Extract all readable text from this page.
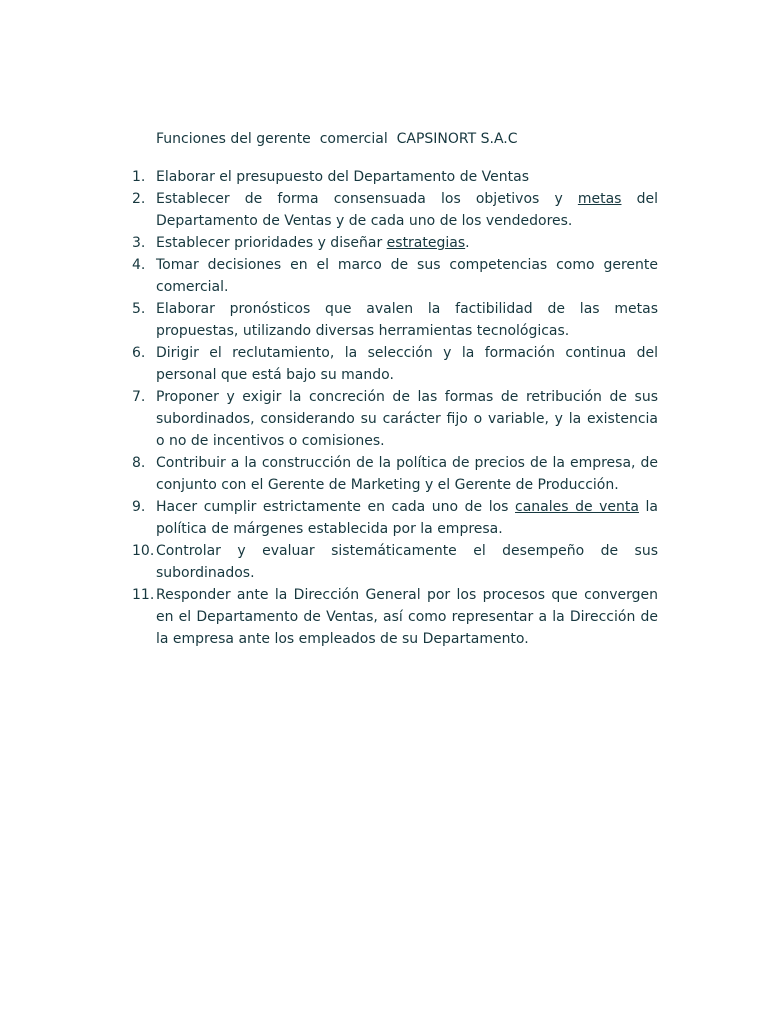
Funciones del gerente  comercial  CAPSINORT S.A.C
1. Elaborar el presupuesto del Departamento de Ventas
2. Establecer de forma consensuada los objetivos y metas del Departamento de Ventas y de cada uno de los vendedores.
3. Establecer prioridades y diseñar estrategias.
4. Tomar decisiones en el marco de sus competencias como gerente comercial.
5. Elaborar pronósticos que avalen la factibilidad de las metas propuestas, utilizando diversas herramientas tecnológicas.
6. Dirigir el reclutamiento, la selección y la formación continua del personal que está bajo su mando.
7. Proponer y exigir la concreción de las formas de retribución de sus subordinados, considerando su carácter fijo o variable, y la existencia o no de incentivos o comisiones.
8. Contribuir a la construcción de la política de precios de la empresa, de conjunto con el Gerente de Marketing y el Gerente de Producción.
9. Hacer cumplir estrictamente en cada uno de los canales de venta la política de márgenes establecida por la empresa.
10. Controlar y evaluar sistemáticamente el desempeño de sus subordinados.
11. Responder ante la Dirección General por los procesos que convergen en el Departamento de Ventas, así como representar a la Dirección de la empresa ante los empleados de su Departamento.
